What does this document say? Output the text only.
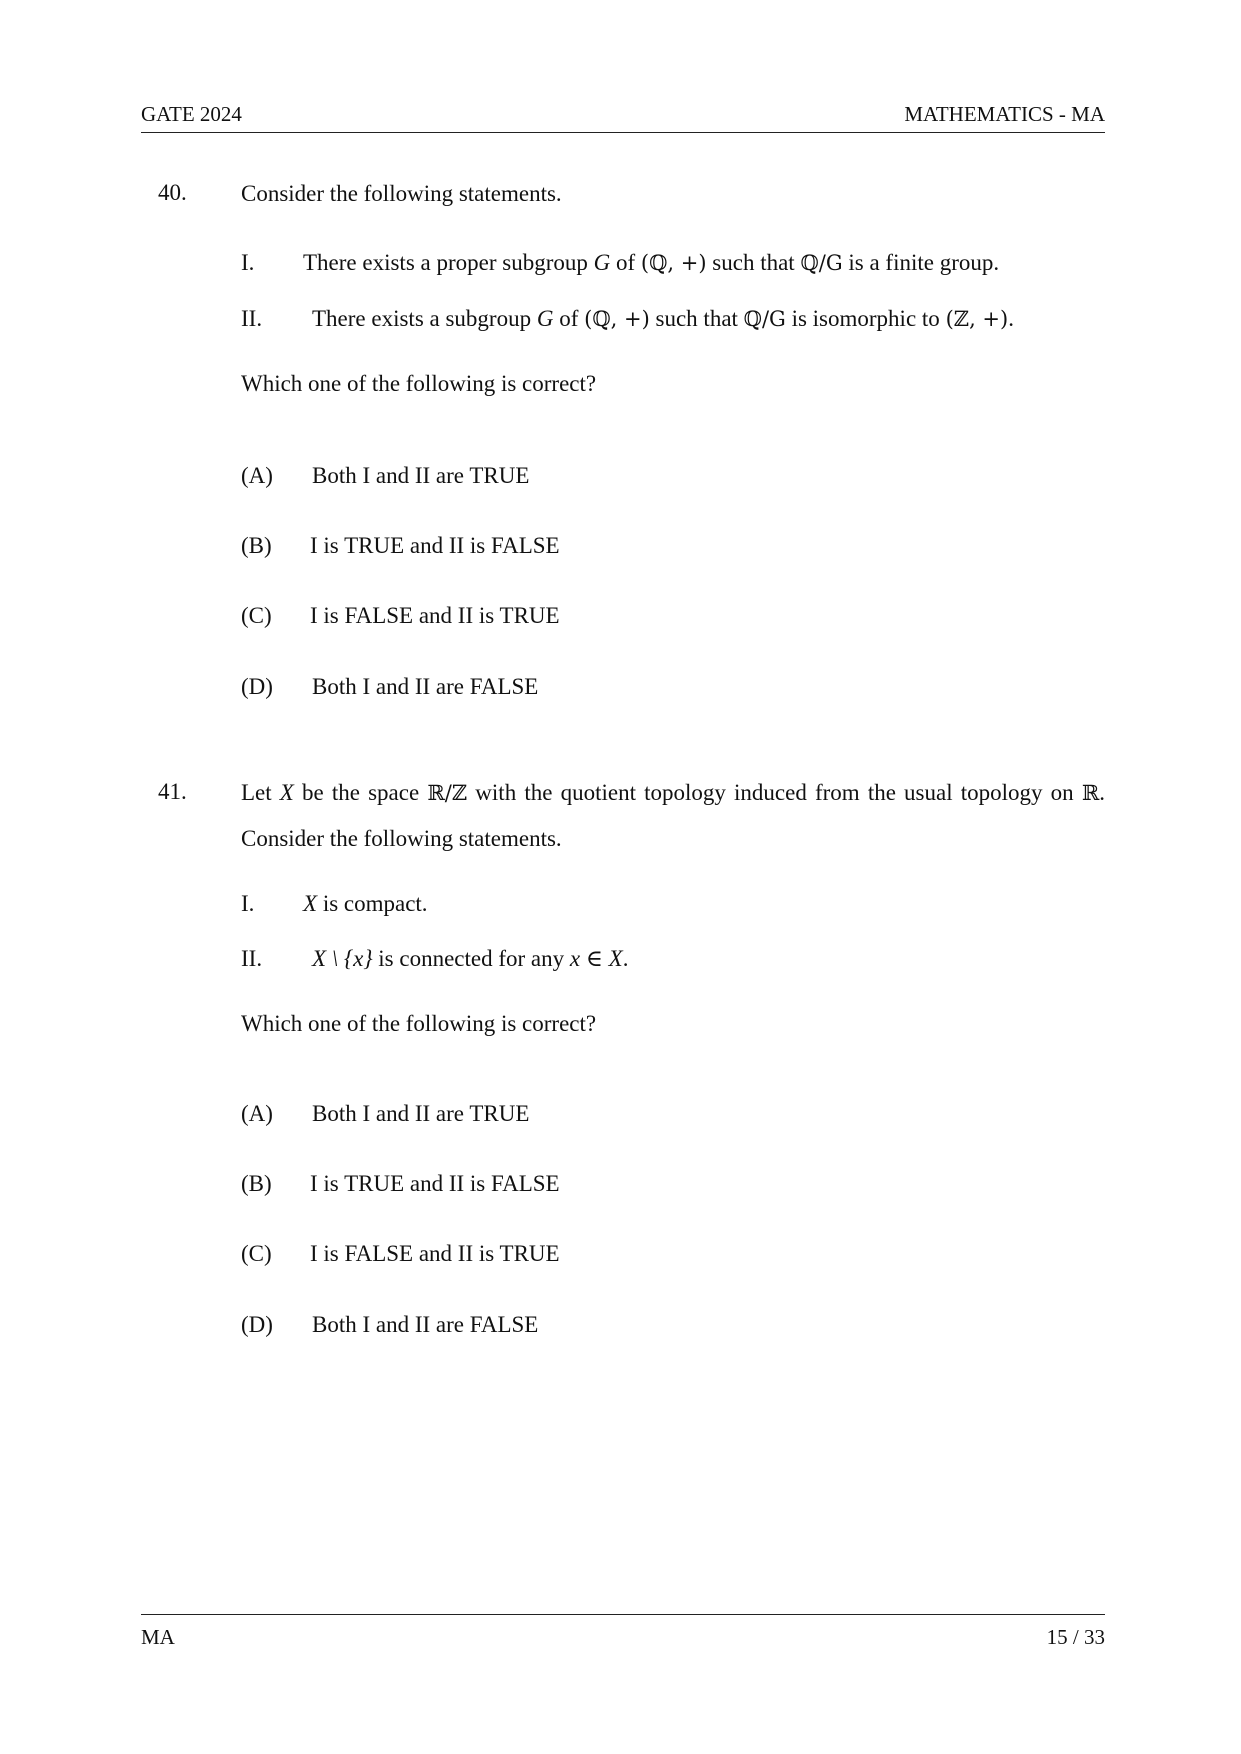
GATE 2024	MATHEMATICS - MA
40. Consider the following statements.
I. There exists a proper subgroup G of (ℚ, +) such that ℚ/G is a finite group.
II. There exists a subgroup G of (ℚ, +) such that ℚ/G is isomorphic to (ℤ, +).
Which one of the following is correct?
(A) Both I and II are TRUE
(B) I is TRUE and II is FALSE
(C) I is FALSE and II is TRUE
(D) Both I and II are FALSE
41. Let X be the space ℝ/ℤ with the quotient topology induced from the usual topology on ℝ. Consider the following statements.
I. X is compact.
II. X \ {x} is connected for any x ∈ X.
Which one of the following is correct?
(A) Both I and II are TRUE
(B) I is TRUE and II is FALSE
(C) I is FALSE and II is TRUE
(D) Both I and II are FALSE
MA	15 / 33
